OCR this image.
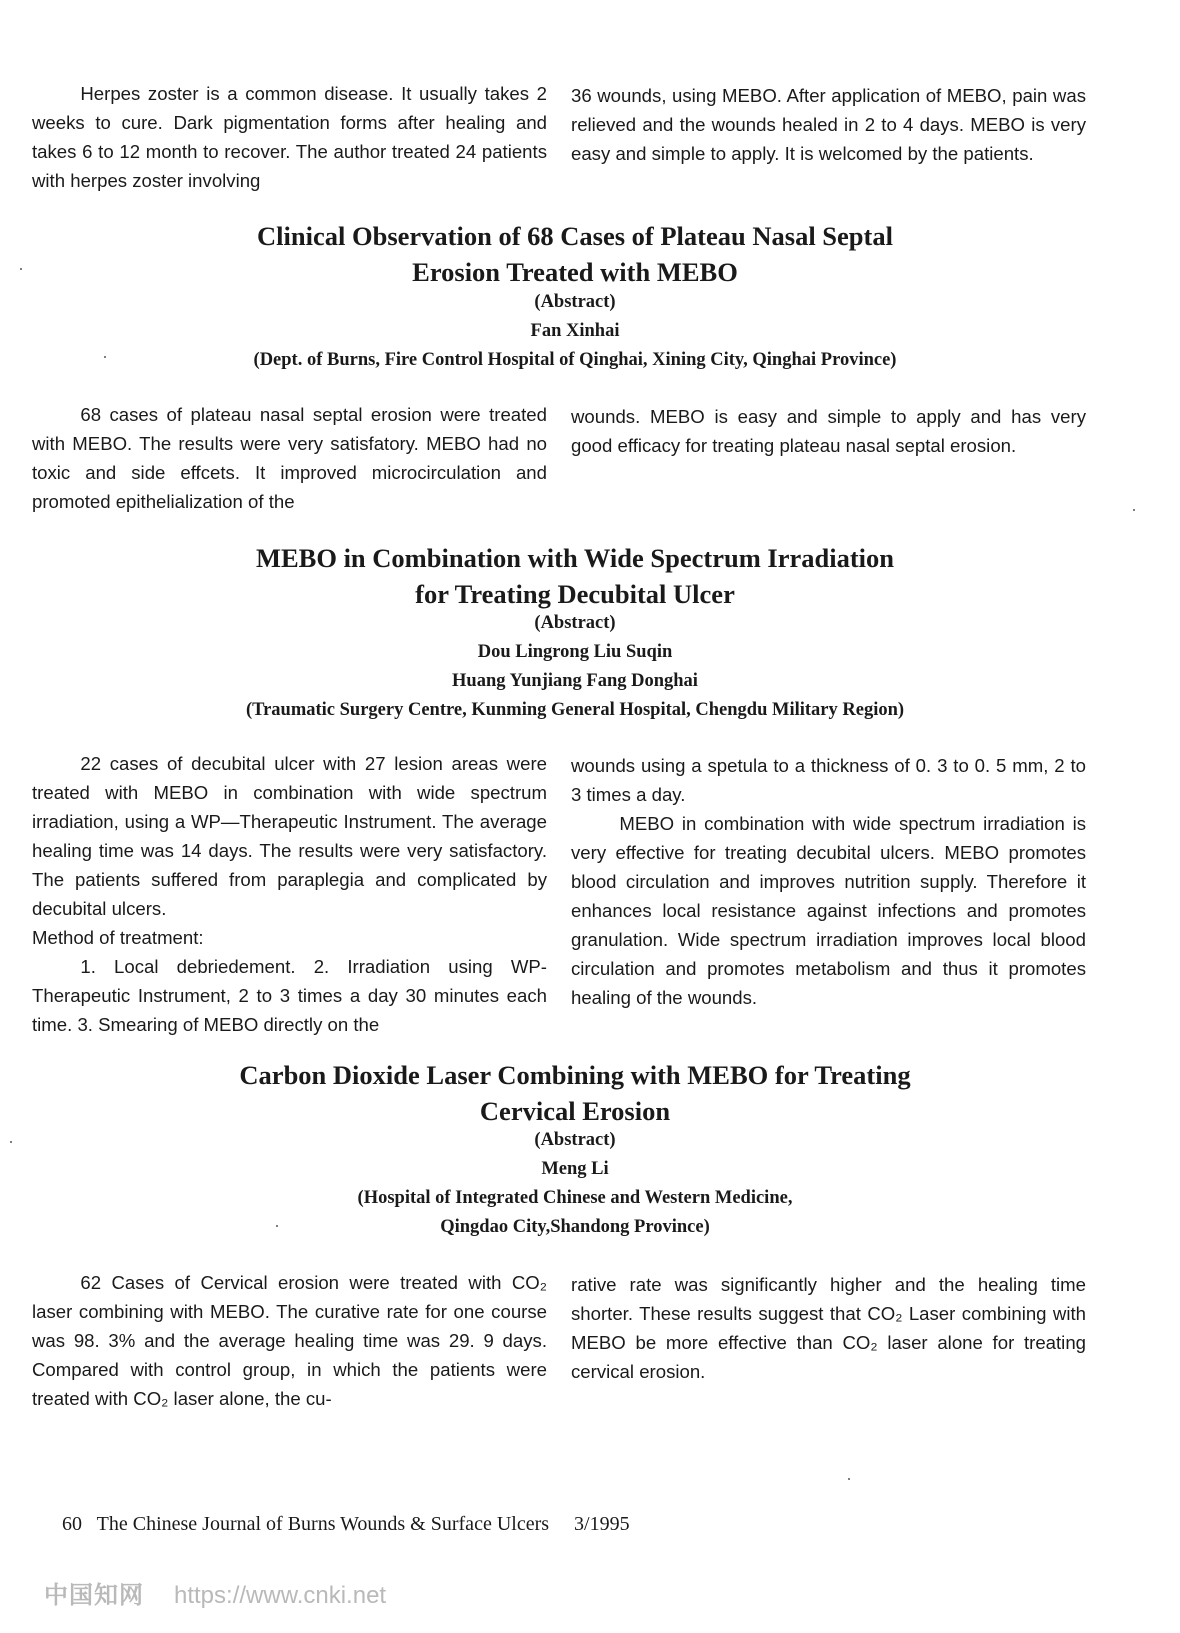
Herpes zoster is a common disease. It usually takes 2 weeks to cure. Dark pigmentation forms after healing and takes 6 to 12 month to recover. The author treated 24 patients with herpes zoster involving

36 wounds, using MEBO. After application of MEBO, pain was relieved and the wounds healed in 2 to 4 days. MEBO is very easy and simple to apply. It is welcomed by the patients.

Clinical Observation of 68 Cases of Plateau Nasal Septal
Erosion Treated with MEBO
(Abstract)
Fan Xinhai
(Dept. of Burns, Fire Control Hospital of Qinghai, Xining City, Qinghai Province)

68 cases of plateau nasal septal erosion were treated with MEBO. The results were very satisfatory. MEBO had no toxic and side effcets. It improved microcirculation and promoted epithelialization of the

wounds. MEBO is easy and simple to apply and has very good efficacy for treating plateau nasal septal erosion.

MEBO in Combination with Wide Spectrum Irradiation
for Treating Decubital Ulcer
(Abstract)
Dou Lingrong Liu Suqin
Huang Yunjiang Fang Donghai
(Traumatic Surgery Centre, Kunming General Hospital, Chengdu Military Region)

22 cases of decubital ulcer with 27 lesion areas were treated with MEBO in combination with wide spectrum irradiation, using a WP—Therapeutic Instrument. The average healing time was 14 days. The results were very satisfactory. The patients suffered from paraplegia and complicated by decubital ulcers.

Method of treatment:

1. Local debriedement. 2. Irradiation using WP-Therapeutic Instrument, 2 to 3 times a day 30 minutes each time. 3. Smearing of MEBO directly on the

wounds using a spetula to a thickness of 0. 3 to 0. 5 mm, 2 to 3 times a day.

MEBO in combination with wide spectrum irradiation is very effective for treating decubital ulcers. MEBO promotes blood circulation and improves nutrition supply. Therefore it enhances local resistance against infections and promotes granulation. Wide spectrum irradiation improves local blood circulation and promotes metabolism and thus it promotes healing of the wounds.

Carbon Dioxide Laser Combining with MEBO for Treating
Cervical Erosion
(Abstract)
Meng Li
(Hospital of Integrated Chinese and Western Medicine,
Qingdao City,Shandong Province)

62 Cases of Cervical erosion were treated with CO₂ laser combining with MEBO. The curative rate for one course was 98. 3% and the average healing time was 29. 9 days. Compared with control group, in which the patients were treated with CO₂ laser alone, the cu-

rative rate was significantly higher and the healing time shorter. These results suggest that CO₂ Laser combining with MEBO be more effective than CO₂ laser alone for treating cervical erosion.

60 The Chinese Journal of Burns Wounds & Surface Ulcers 3/1995
中国知网 https://www.cnki.net
